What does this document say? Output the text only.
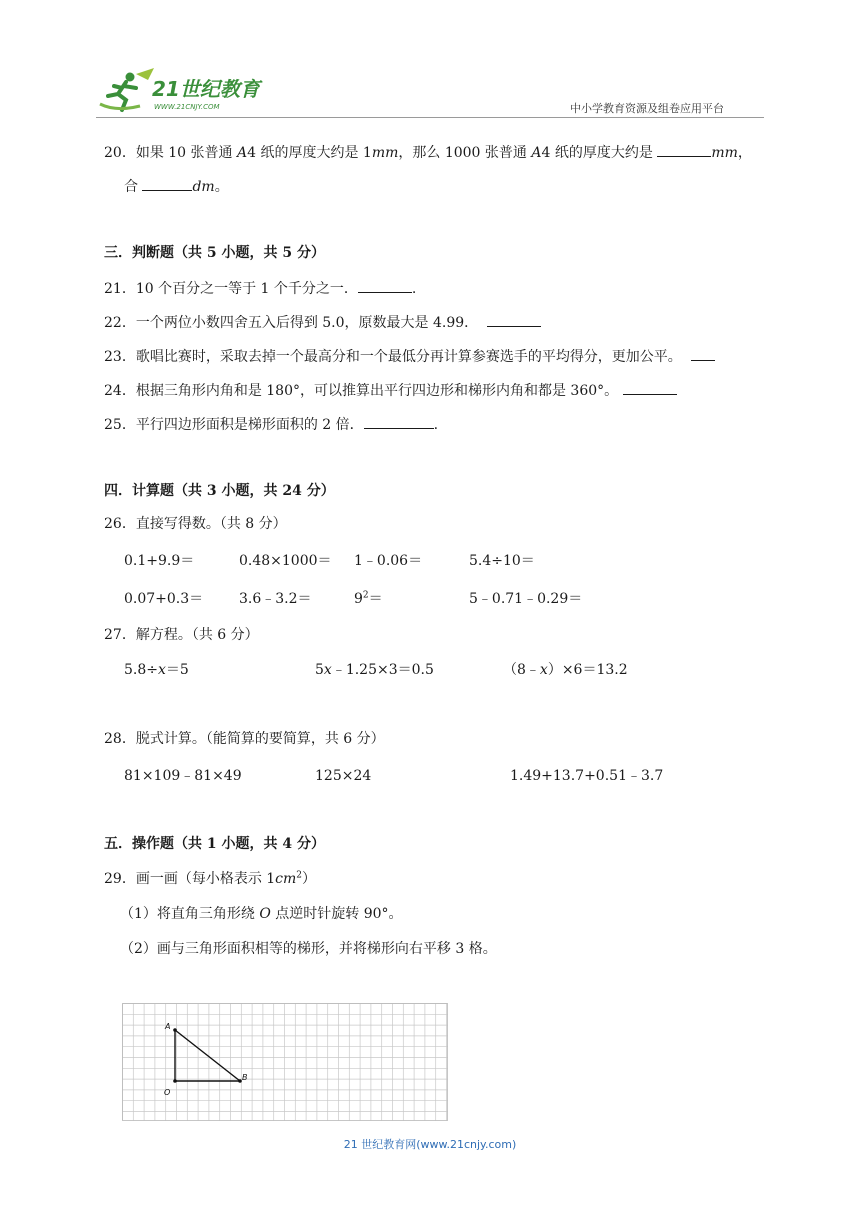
21世纪教育
WWW.21CNJY.COM	中小学教育资源及组卷应用平台
20．如果 10 张普通 A4 纸的厚度大约是 1mm，那么 1000 张普通 A4 纸的厚度大约是	mm，
合	dm。
三．判断题（共 5 小题，共 5 分）
21．10 个百分之一等于 1 个千分之一．	.
22．一个两位小数四舍五入后得到 5.0，原数最大是 4.99．
23．歌唱比赛时，采取去掉一个最高分和一个最低分再计算参赛选手的平均得分，更加公平。
24．根据三角形内角和是 180°，可以推算出平行四边形和梯形内角和都是 360°。
25．平行四边形面积是梯形面积的 2 倍．	.
四．计算题（共 3 小题，共 24 分）
26．直接写得数。（共 8 分）
0.1+9.9＝	0.48×1000＝ 1﹣0.06＝	5.4÷10＝
0.07+0.3＝	3.6﹣3.2＝	$9^2=$	5﹣0.71﹣0.29＝
27．解方程。（共 6 分）
5.8÷x＝5	5x﹣1.25×3＝0.5	（8﹣x）×6＝13.2
28．脱式计算。（能简算的要简算，共 6 分）
81×109﹣81×49	125×24	1.49+13.7+0.51﹣3.7
五．操作题（共 1 小题，共 4 分）
29．画一画（每小格表示 $1cm^2$）
（1）将直角三角形绕 O 点逆时针旋转 90°。
（2）画与三角形面积相等的梯形，并将梯形向右平移 3 格。
A
B
O
21 世纪教育网(www.21cnjy.com)
